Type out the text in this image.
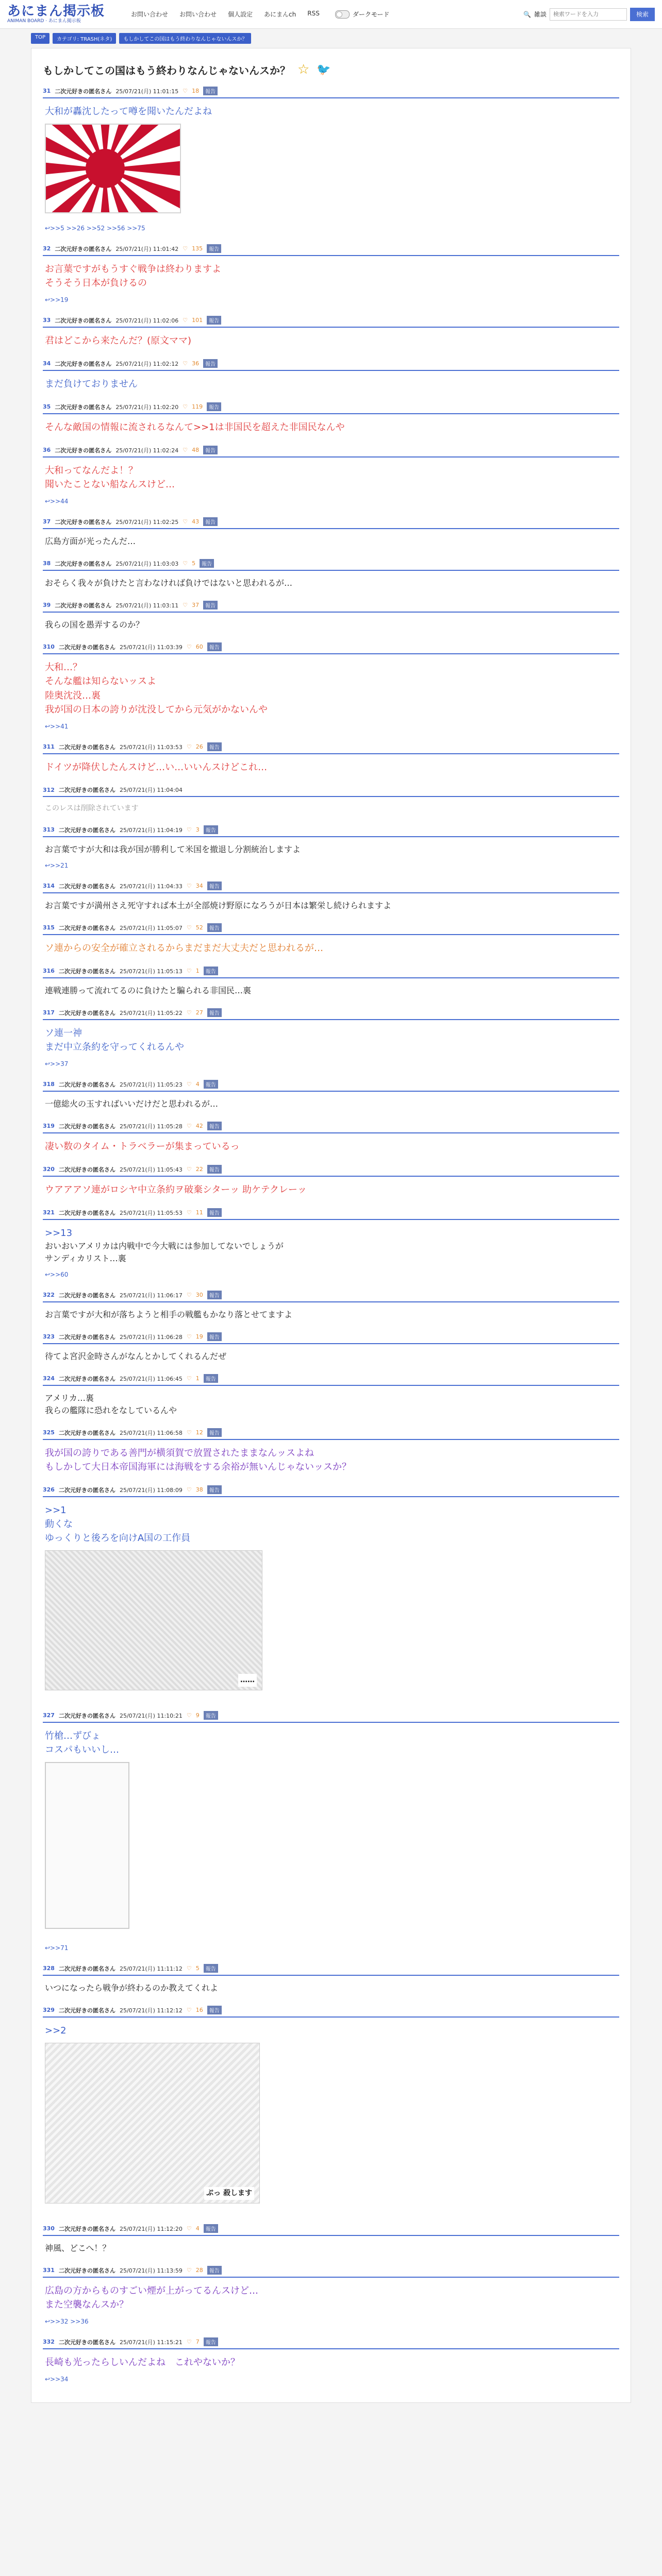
あにまん掲示板
ANIMAN BOARD · あにまん掲示板
お問い合わせ お問い合わせ 個人設定 あにまんch RSS	ダークモード	🔍 雑談
検索ワードを入力	検索
TOP	カテゴリ: TRASH(ネタ)	もしかしてこの国はもう終わりなんじゃないんスか？
もしかしてこの国はもう終わりなんじゃないんスか？ ☆ 🐦
31 二次元好きの匿名さん 25/07/21(月) 11:01:15 ♡ 18	報告
大和が轟沈したって噂を聞いたんだよね
↩>>5 >>26 >>52 >>56 >>75
32 二次元好きの匿名さん 25/07/21(月) 11:01:42 ♡ 135	報告
お言葉ですがもうすぐ戦争は終わりますよ
そうそう日本が負けるの
↩>>19
33 二次元好きの匿名さん 25/07/21(月) 11:02:06 ♡ 101	報告
君はどこから来たんだ？(原文ママ)
34 二次元好きの匿名さん 25/07/21(月) 11:02:12 ♡ 36	報告
まだ負けておりません
35 二次元好きの匿名さん 25/07/21(月) 11:02:20 ♡ 119	報告
そんな敵国の情報に流されるなんて>>1は非国民を超えた非国民なんや
36 二次元好きの匿名さん 25/07/21(月) 11:02:24 ♡ 48	報告
大和ってなんだよ！？
聞いたことない船なんスけど…
↩>>44
37 二次元好きの匿名さん 25/07/21(月) 11:02:25 ♡ 43	報告
広島方面が光ったんだ…
38 二次元好きの匿名さん 25/07/21(月) 11:03:03 ♡ 5	報告
おそらく我々が負けたと言わなければ負けではないと思われるが…
39 二次元好きの匿名さん 25/07/21(月) 11:03:11 ♡ 37	報告
我らの国を愚弄するのか？
310 二次元好きの匿名さん 25/07/21(月) 11:03:39 ♡ 60	報告
大和…？
そんな艦は知らないッスよ
陸奥沈没…裏
我が国の日本の誇りが沈没してから元気がかないんや
↩>>41
311 二次元好きの匿名さん 25/07/21(月) 11:03:53 ♡ 26	報告
ドイツが降伏したんスけど…い…いいんスけどこれ…
312 二次元好きの匿名さん 25/07/21(月) 11:04:04
このレスは削除されています
313 二次元好きの匿名さん 25/07/21(月) 11:04:19 ♡ 3	報告
お言葉ですが大和は我が国が勝利して米国を撤退し分割統治しますよ
↩>>21
314 二次元好きの匿名さん 25/07/21(月) 11:04:33 ♡ 34	報告
お言葉ですが満州さえ死守すれば本土が全部焼け野原になろうが日本は繁栄し続けられますよ
315 二次元好きの匿名さん 25/07/21(月) 11:05:07 ♡ 52	報告
ソ連からの安全が確立されるからまだまだ大丈夫だと思われるが…
316 二次元好きの匿名さん 25/07/21(月) 11:05:13 ♡ 1	報告
連戦連勝って流れてるのに負けたと騙られる非国民…裏
317 二次元好きの匿名さん 25/07/21(月) 11:05:22 ♡ 27	報告
ソ連一神
まだ中立条約を守ってくれるんや
↩>>37
318 二次元好きの匿名さん 25/07/21(月) 11:05:23 ♡ 4	報告
一億総火の玉すればいいだけだと思われるが…
319 二次元好きの匿名さん 25/07/21(月) 11:05:28 ♡ 42	報告
凄い数のタイム・トラベラーが集まっているっ
320 二次元好きの匿名さん 25/07/21(月) 11:05:43 ♡ 22	報告
ウアアアソ連がロシヤ中立条約ヲ破棄シターッ 助ケテクレーッ
321 二次元好きの匿名さん 25/07/21(月) 11:05:53 ♡ 11	報告
>>13
おいおいアメリカは内戦中で今大戦には参加してないでしょうが
サンディカリスト…裏
↩>>60
322 二次元好きの匿名さん 25/07/21(月) 11:06:17 ♡ 30	報告
お言葉ですが大和が落ちようと相手の戦艦もかなり落とせてますよ
323 二次元好きの匿名さん 25/07/21(月) 11:06:28 ♡ 19	報告
待てよ宮沢金時さんがなんとかしてくれるんだぜ
324 二次元好きの匿名さん 25/07/21(月) 11:06:45 ♡ 1	報告
アメリカ…裏
我らの艦隊に恐れをなしているんや
325 二次元好きの匿名さん 25/07/21(月) 11:06:58 ♡ 12	報告
我が国の誇りである善門が横須賀で放置されたままなんッスよね
もしかして大日本帝国海軍には海戦をする余裕が無いんじゃないッスか？
326 二次元好きの匿名さん 25/07/21(月) 11:08:09 ♡ 38	報告
>>1
動くな
ゆっくりと後ろを向けA国の工作員
……
327 二次元好きの匿名さん 25/07/21(月) 11:10:21 ♡ 9	報告
竹槍…ずびょ
コスパもいいし…
↩>>71
328 二次元好きの匿名さん 25/07/21(月) 11:11:12 ♡ 5	報告
いつになったら戦争が終わるのか教えてくれよ
329 二次元好きの匿名さん 25/07/21(月) 11:12:12 ♡ 16	報告
>>2
ぷっ 殺します
330 二次元好きの匿名さん 25/07/21(月) 11:12:20 ♡ 4	報告
神風、どこへ！？
331 二次元好きの匿名さん 25/07/21(月) 11:13:59 ♡ 28	報告
広島の方からものすごい煙が上がってるんスけど…
また空襲なんスか？
↩>>32 >>36
332 二次元好きの匿名さん 25/07/21(月) 11:15:21 ♡ 7	報告
長崎も光ったらしいんだよね　これやないか？
↩>>34
